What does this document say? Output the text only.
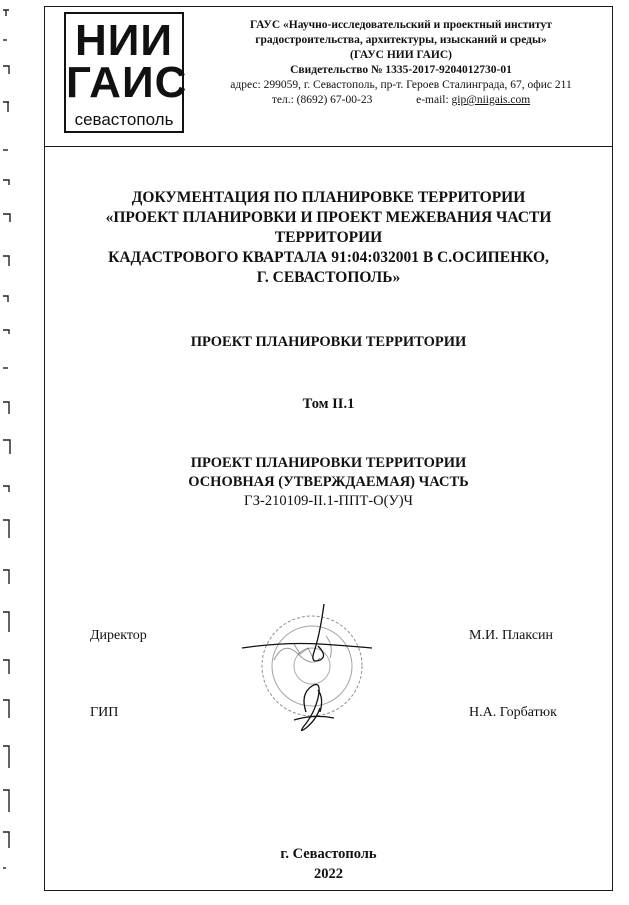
НИИ
ГАИС
севастополь
ГАУС «Научно-исследовательский и проектный институт
градостроительства, архитектуры, изысканий и среды»
(ГАУС НИИ ГАИС)
Свидетельство № 1335-2017-9204012730-01
адрес: 299059, г. Севастополь, пр-т. Героев Сталинграда, 67, офис 211
тел.: (8692) 67-00-23	e-mail: gip@niigais.com
ДОКУМЕНТАЦИЯ ПО ПЛАНИРОВКЕ ТЕРРИТОРИИ
«ПРОЕКТ ПЛАНИРОВКИ И ПРОЕКТ МЕЖЕВАНИЯ ЧАСТИ ТЕРРИТОРИИ
КАДАСТРОВОГО КВАРТАЛА 91:04:032001 В С.ОСИПЕНКО,
Г. СЕВАСТОПОЛЬ»
ПРОЕКТ ПЛАНИРОВКИ ТЕРРИТОРИИ
Том II.1
ПРОЕКТ ПЛАНИРОВКИ ТЕРРИТОРИИ
ОСНОВНАЯ (УТВЕРЖДАЕМАЯ) ЧАСТЬ
ГЗ-210109-II.1-ППТ-О(У)Ч
Директор	М.И. Плаксин
ГИП	Н.А. Горбатюк
г. Севастополь
2022
